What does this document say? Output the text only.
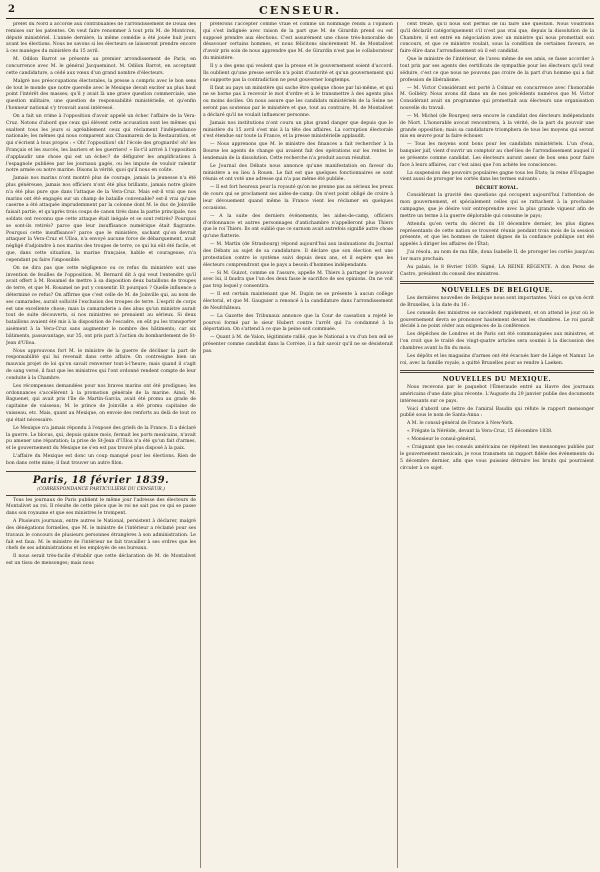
2	CENSEUR.

préfet du Nord a accordé aux contribuables de l'arrondissement de Douai des remises sur les patentes. On veut faire renommer à tout prix M. de Montcron, député ministériel. L'année dernière, la même comédie a été jouée huit jours avant les élections. Nous ne savons si les électeurs se laisseront prendre encore à ces manèges du ministère du 15 avril.

M. Odilon Barrot se présente au premier arrondissement de Paris, en concurrence avec M. le général Jacqueminot. M. Odilon Barrot, en acceptant cette candidature, a cédé aux vœux d'un grand nombre d'électeurs.

Malgré nos préoccupations électorales, la presse a compris avec le bon sens de tout le monde que notre querelle avec le Mexique devait exciter au plus haut point l'intérêt des masses; qu'il y avait là une grave question commerciale, une question militaire, une question de responsabilité ministérielle, et qu'enfin l'honneur national s'y trouvait aussi intéressé.

On a fait un crime à l'opposition d'avoir appelé un échec l'affaire de la Vera-Cruz. Notons d'abord que ceux qui élèvent cette accusation sont les mêmes qui exaltent tous les jours si agréablement ceux qui réclament l'indépendance nationale; les mêmes qui nous comparent aux Chaumareix de la Restauration, et qui s'écrient à tous propos : « Oh! l'opposition! oh! l'école des grognards! oh! les Français et les succès, les lauriers et les guerriers! » Es-t'il arrivé à l'opposition d'applaudir une chose qui est un échec? de défigurer les amplifications à l'espagnole publiées par les journaux gagés, ou les impute de vouloir ralentir notre armée ou notre marine. Disons la vérité, quoi qu'il nous en coûte.

Jamais nos marins n'ont montré plus de courage, jamais la jeunesse n'a été plus généreuse, jamais nos officiers n'ont été plus brillants, jamais notre gloire n'a été plus pure que dans l'attaque de la Vera-Cruz. Mais est-il vrai que nos marins ont été engagés sur un champ de bataille convenable? est-il vrai qu'une caserne a été attaquée imprudemment par la colonne dont M. le duc de Joinville faisait partie, et qu'après trois coups de canon tirés dans la partie principale, nos soldats ont reconnu que cette attaque était inégale et se sont retirés? Pourquoi se sont-ils retirés? parce que leur insuffisance numérique était flagrante. Pourquoi cette insuffisance? parce que le ministère, sachant qu'on devrait attaquer la Vera-Cruz et Ulloa, n'a envoyé aucune force de débarquement, avait négligé d'adjoindre à nos marins des troupes de terre, ce qui lui eût été facile, et que, dans cette situation, la marine française, habile et courageuse, n'a cependant pu faire l'impossible.

On ne dira pas que cette négligence ou ce refus du ministère soit une invention de feuilles de l'opposition. M. Bernard dit à qui veut l'entendre qu'il avait offert à M. Rosamel de mettre à sa disposition deux bataillons de troupes de terre, et que M. Rosamel ne put y consentir. Et pourquoi ? Quelle influence a déterminé ce refus? On affirme que c'est celle de M. de Joinville qui, au nom de ses camarades, aurait sollicité l'exclusion des troupes de terre. L'esprit de corps est une excellente chose; mais la camaraderie a des abus qu'un ministre aurait tout de suite découverts, si nos ministres se prenaient au sérieux. Si deux bataillons avaient été mis à la disposition de l'escadre, on eût pu les transporter aisément à la Vera-Cruz sans augmenter le nombre des bâtiments; car six bâtiments, passavantage, sur 35, ont pris part à l'action du bombardement de St-Jean d'Ulloa.

Nous approuvons fort M. le ministre de la guerre de décliner la part de responsabilité qui lui revenait dans cette affaire. On contresigne bien un mauvais projet de loi qu'on savait renverser tout-à-l'heure; mais quand il s'agit de sang versé, il faut que les ministres qui l'ont ordonné rendent compte de leur conduite à la Chambre.

Les récompenses demandées pour nos braves marins ont été prodigues; les ordonnances s'accélèrent à la promotion générale de la marine. Ainsi, M. Baguenet, qui avait pris l'île de Martin-Garcia, avait été promu au grade de capitaine de vaisseau; M. le prince de Joinville a été promu capitaine de vaisseau, etc. Mais, quant au Mexique, on envoie des renforts au delà de tout ce qui était nécessaire.

Le Mexique n'a jamais répondu à l'exposé des griefs de la France. Il a déclaré la guerre. Le blocus, qui, depuis quinze mois, fermait les ports mexicains, n'avait pu amener une réparation; la prise de St-Jean d'Ulloa n'a été qu'un fait d'armes, et le gouvernement du Mexique ne s'en est pas trouvé plus disposé à la paix.

L'affaire du Mexique est donc un coup manqué pour les élections. Rien de bon dans cette mine; il faut trouver un autre filon.

Paris, 18 février 1839.
(CORRESPONDANCE PARTICULIÈRE DU CENSEUR.)

Tous les journaux de Paris publient le même jour l'adresse des électeurs de Montalivet au roi. Il résulte de cette pièce que le roi ne sait pas ce qui se passe dans son royaume et que ses ministres le trompent.

A Plusieurs journaux, entre autres le National, persistent à déclarer, malgré des dénégations formelles, que M. le ministre de l'intérieur a réclamé pour ses travaux le concours de plusieurs personnes étrangères à son administration. Le fait est faux. M. le ministre de l'intérieur ne fait travailler à ses ordres que les chefs de ses administrations et les employés de ses bureaux.

Il nous serait très-facile d'établir que cette déclaration de M. de Montalivet est un tissu de mensonges; mais nous

préférons l'accepter comme vraie et comme un hommage rendu à l'opinion qui s'est indignée avec raison de la part que M. de Girardin prend ou est supposé prendre aux élections. C'est assurément une chose très-honorable de désavouer certains hommes, et nous félicitons sincèrement M. de Montalivet d'avoir pris soin de nous apprendre que M. de Girardin n'est pas le collaborateur du ministère.

Il y a des gens qui veulent que la presse et le gouvernement soient d'accord. Ils oublient qu'une presse servile n'a point d'autorité et qu'un gouvernement qui ne supporte pas la contradiction ne peut gouverner longtemps.

Il faut au pays un ministère qui sache être quelque chose par lui-même, et qui ne se borne pas à recevoir le mot d'ordre et à le transmettre à des agents plus ou moins dociles. On nous assure que les candidats ministériels de la Seine ne seront pas soutenus par le ministère et que, tout au contraire, M. de Montalivet a déclaré qu'il ne voulait influencer personne.

Jamais nos institutions n'ont couru un plus grand danger que depuis que le ministère du 15 avril s'est mis à la tête des affaires. La corruption électorale s'est étendue sur toute la France, et la presse ministérielle applaudit.

— Nous apprenons que M. le ministre des finances a fait rechercher à la Bourse les agents de change qui avaient fait des opérations sur les rentes le lendemain de la dissolution. Cette recherche n'a produit aucun résultat.

Le Journal des Débats nous annonce qu'une manifestation en faveur du ministère a eu lieu à Rouen. Le fait est que quelques fonctionnaires se sont réunis et ont voté une adresse qui n'a pas même été publiée.

— Il est fort heureux pour la royauté qu'on ne prenne pas au sérieux les preux de cours qui se proclament ses aides-de-camp. On n'est point obligé de croire à leur dévouement quand même la France vient les réclamer en quelques occasions.

— A la suite des derniers événements, les aides-de-camp, officiers d'ordonnance et autres personnages d'antichambre n'appelleront plus Thiers que le roi Thiers. Ils ont oublié que ce surnom avait autrefois signifié autre chose qu'une flatterie.

— M. Martin (de Strasbourg) répond aujourd'hui aux insinuations du Journal des Débats au sujet de sa candidature. Il déclare que son élection est une protestation contre le système suivi depuis deux ans, et il espère que les électeurs comprendront que le pays a besoin d'hommes indépendants.

— Si M. Guizot, comme on l'assure, appelle M. Thiers à partager le pouvoir avec lui, il faudra que l'un des deux fasse le sacrifice de ses opinions. On ne voit pas trop lequel y consentira.

— Il est certain maintenant que M. Dupin ne se présente à aucun collège électoral, et que M. Gauguier a renoncé à la candidature dans l'arrondissement de Neufchâteau.

— La Gazette des Tribunaux annonce que la Cour de cassation a rejeté le pourvoi formé par le sieur Hubert contre l'arrêt qui l'a condamné à la déportation. On s'attend à ce que la peine soit commuée.

— Quant à M. de Valon, légitimiste rallié, que le National a vu d'un bon œil se présenter comme candidat dans la Corrèze, il a fait savoir qu'il ne se désisterait pas.

cent treize, qu'il nous soit permis de lui faire une question. Nous voudrions qu'il déclarât catégoriquement s'il n'est pas vrai que, depuis la dissolution de la Chambre, il est entré en négociation avec un ministre qui nous promettait son concours, et que ce ministre voulait, sous la condition de certaines faveurs, se faire élire dans l'arrondissement où il est candidat.

Que le ministre de l'intérieur, de l'aveu même de ses amis, se fasse accorder à tout prix par ses agents des certificats de sympathie pour les électeurs qu'il veut séduire, c'est ce que nous ne pouvons pas croire de la part d'un homme qui a fait profession de libéralisme.

— M. Victor Considérant est porté à Colmar en concurrence avec l'honorable M. Golbéry. Nous avons dit dans un de nos précédents numéros que M. Victor Considérant avait un programme qui promettait aux électeurs une organisation nouvelle du travail.

— M. Michel (de Bourges) sera encore le candidat des électeurs indépendants de Niort. L'honorable avocat rencontrera, à la vérité, de la part du pouvoir une grande opposition; mais sa candidature triomphera de tous les moyens qui seront mis en œuvre pour la faire échouer.

— Tous les moyens sont bons pour les candidats ministériels. L'un d'eux, banquier juif, vient d'ouvrir un comptoir au chef-lieu de l'arrondissement auquel il se présente comme candidat. Les électeurs auront assez de bon sens pour faire face à leurs affaires, car c'est ainsi que l'on achète les consciences.

La suspension des pouvoirs populaires gagne tous les États; la reine d'Espagne vient aussi de proroger les cortès dans les termes suivants :

DÉCRET ROYAL.

Considérant la gravité des questions qui occupent aujourd'hui l'attention de mon gouvernement, et spécialement celles qui se rattachent à la prochaine campagne, que je désire voir entreprendre avec la plus grande vigueur afin de mettre un terme à la guerre déplorable qui consume le pays;

Attendu qu'en vertu du décret du 18 décembre dernier, les plus dignes représentants de cette nation se trouvent réunis pendant trois mois de la session présente, et que les hommes de talent dignes de la confiance publique ont été appelés à diriger les affaires de l'État;

J'ai résolu, au nom de ma fille, dona Isabelle II, de proroger les cortès jusqu'au 1er mars prochain.

Au palais, le 8 février 1839. Signé, LA REINE RÉGENTE. A don Perez de Castro, président du conseil des ministres.

NOUVELLES DE BELGIQUE.

Les dernières nouvelles de Belgique nous sont importantes. Voici ce qu'on écrit de Bruxelles, à la date du 16 :

Les conseils des ministres se succèdent rapidement, et on attend le jour où le gouvernement devra se prononcer hautement devant les chambres. Le roi paraît décidé à ne point céder aux exigences de la conférence.

Les dépêches de Londres et de Paris ont été communiquées aux ministres, et l'on croit que le traité des vingt-quatre articles sera soumis à la discussion des chambres avant la fin du mois.

Les dépôts et les magasins d'armes ont été évacués hier de Liège et Namur. Le roi, avec la famille royale, a quitté Bruxelles pour se rendre à Laeken.

NOUVELLES DU MEXIQUE.

Nous recevons par le paquebot l'Émeraude entré au Havre des journaux américains d'une date plus récente. L'Auguste du 29 janvier publie des documents intéressants sur ce pays.

Voici d'abord une lettre de l'amiral Baudin qui réfute le rapport mensonger publié sous le nom de Santa-Anna :

A M. le consul-général de France à New-York.

« Frégate la Néréide, devant la Vera-Cruz, 15 décembre 1838.

« Monsieur le consul-général,

« Craignant que les consuls américains ne répètent les mensonges publiés par le gouvernement mexicain, je vous transmets un rapport fidèle des événements du 5 décembre dernier, afin que vous puissiez détruire les bruits qui pourraient circuler à ce sujet.
